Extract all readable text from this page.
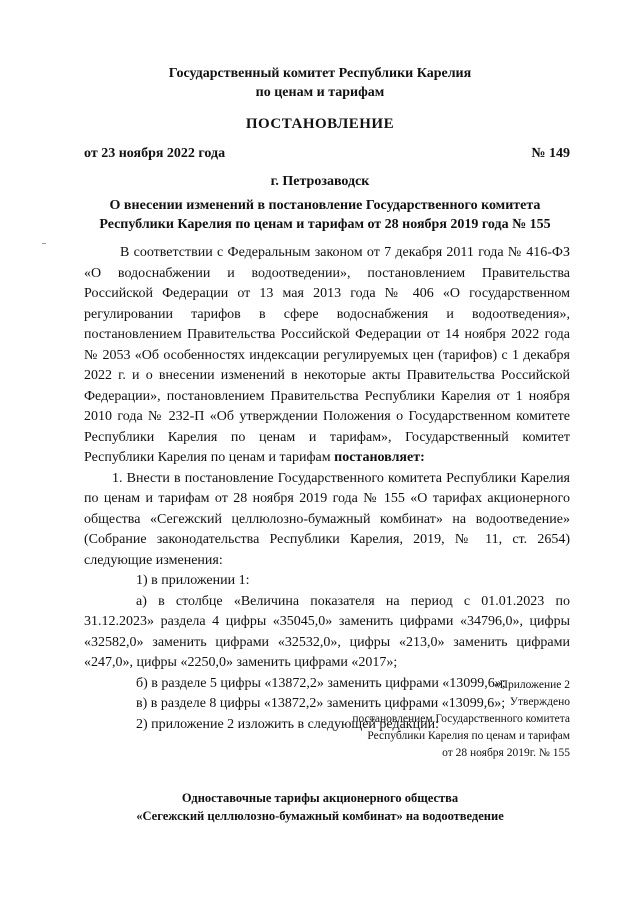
Государственный комитет Республики Карелия
по ценам и тарифам
ПОСТАНОВЛЕНИЕ
от 23 ноября 2022 года	№ 149
г. Петрозаводск
О внесении изменений в постановление Государственного комитета
Республики Карелия по ценам и тарифам от 28 ноября 2019 года № 155

В соответствии с Федеральным законом от 7 декабря 2011 года № 416-ФЗ «О водоснабжении и водоотведении», постановлением Правительства Российской Федерации от 13 мая 2013 года № 406 «О государственном регулировании тарифов в сфере водоснабжения и водоотведения», постановлением Правительства Российской Федерации от 14 ноября 2022 года № 2053 «Об особенностях индексации регулируемых цен (тарифов) с 1 декабря 2022 г. и о внесении изменений в некоторые акты Правительства Российской Федерации», постановлением Правительства Республики Карелия от 1 ноября 2010 года № 232-П «Об утверждении Положения о Государственном комитете Республики Карелия по ценам и тарифам», Государственный комитет Республики Карелия по ценам и тарифам постановляет:

1. Внести в постановление Государственного комитета Республики Карелия по ценам и тарифам от 28 ноября 2019 года № 155 «О тарифах акционерного общества «Сегежский целлюлозно-бумажный комбинат» на водоотведение» (Собрание законодательства Республики Карелия, 2019, № 11, ст. 2654) следующие изменения:

1) в приложении 1:

а) в столбце «Величина показателя на период с 01.01.2023 по 31.12.2023» раздела 4 цифры «35045,0» заменить цифрами «34796,0», цифры «32582,0» заменить цифрами «32532,0», цифры «213,0» заменить цифрами «247,0», цифры «2250,0» заменить цифрами «2017»;

б) в разделе 5 цифры «13872,2» заменить цифрами «13099,6»;

в) в разделе 8 цифры «13872,2» заменить цифрами «13099,6»;

2) приложение 2 изложить в следующей редакции:

«Приложение 2
Утверждено
постановлением Государственного комитета
Республики Карелия по ценам и тарифам
от 28 ноября 2019г. № 155
Одноставочные тарифы акционерного общества
«Сегежский целлюлозно-бумажный комбинат» на водоотведение
